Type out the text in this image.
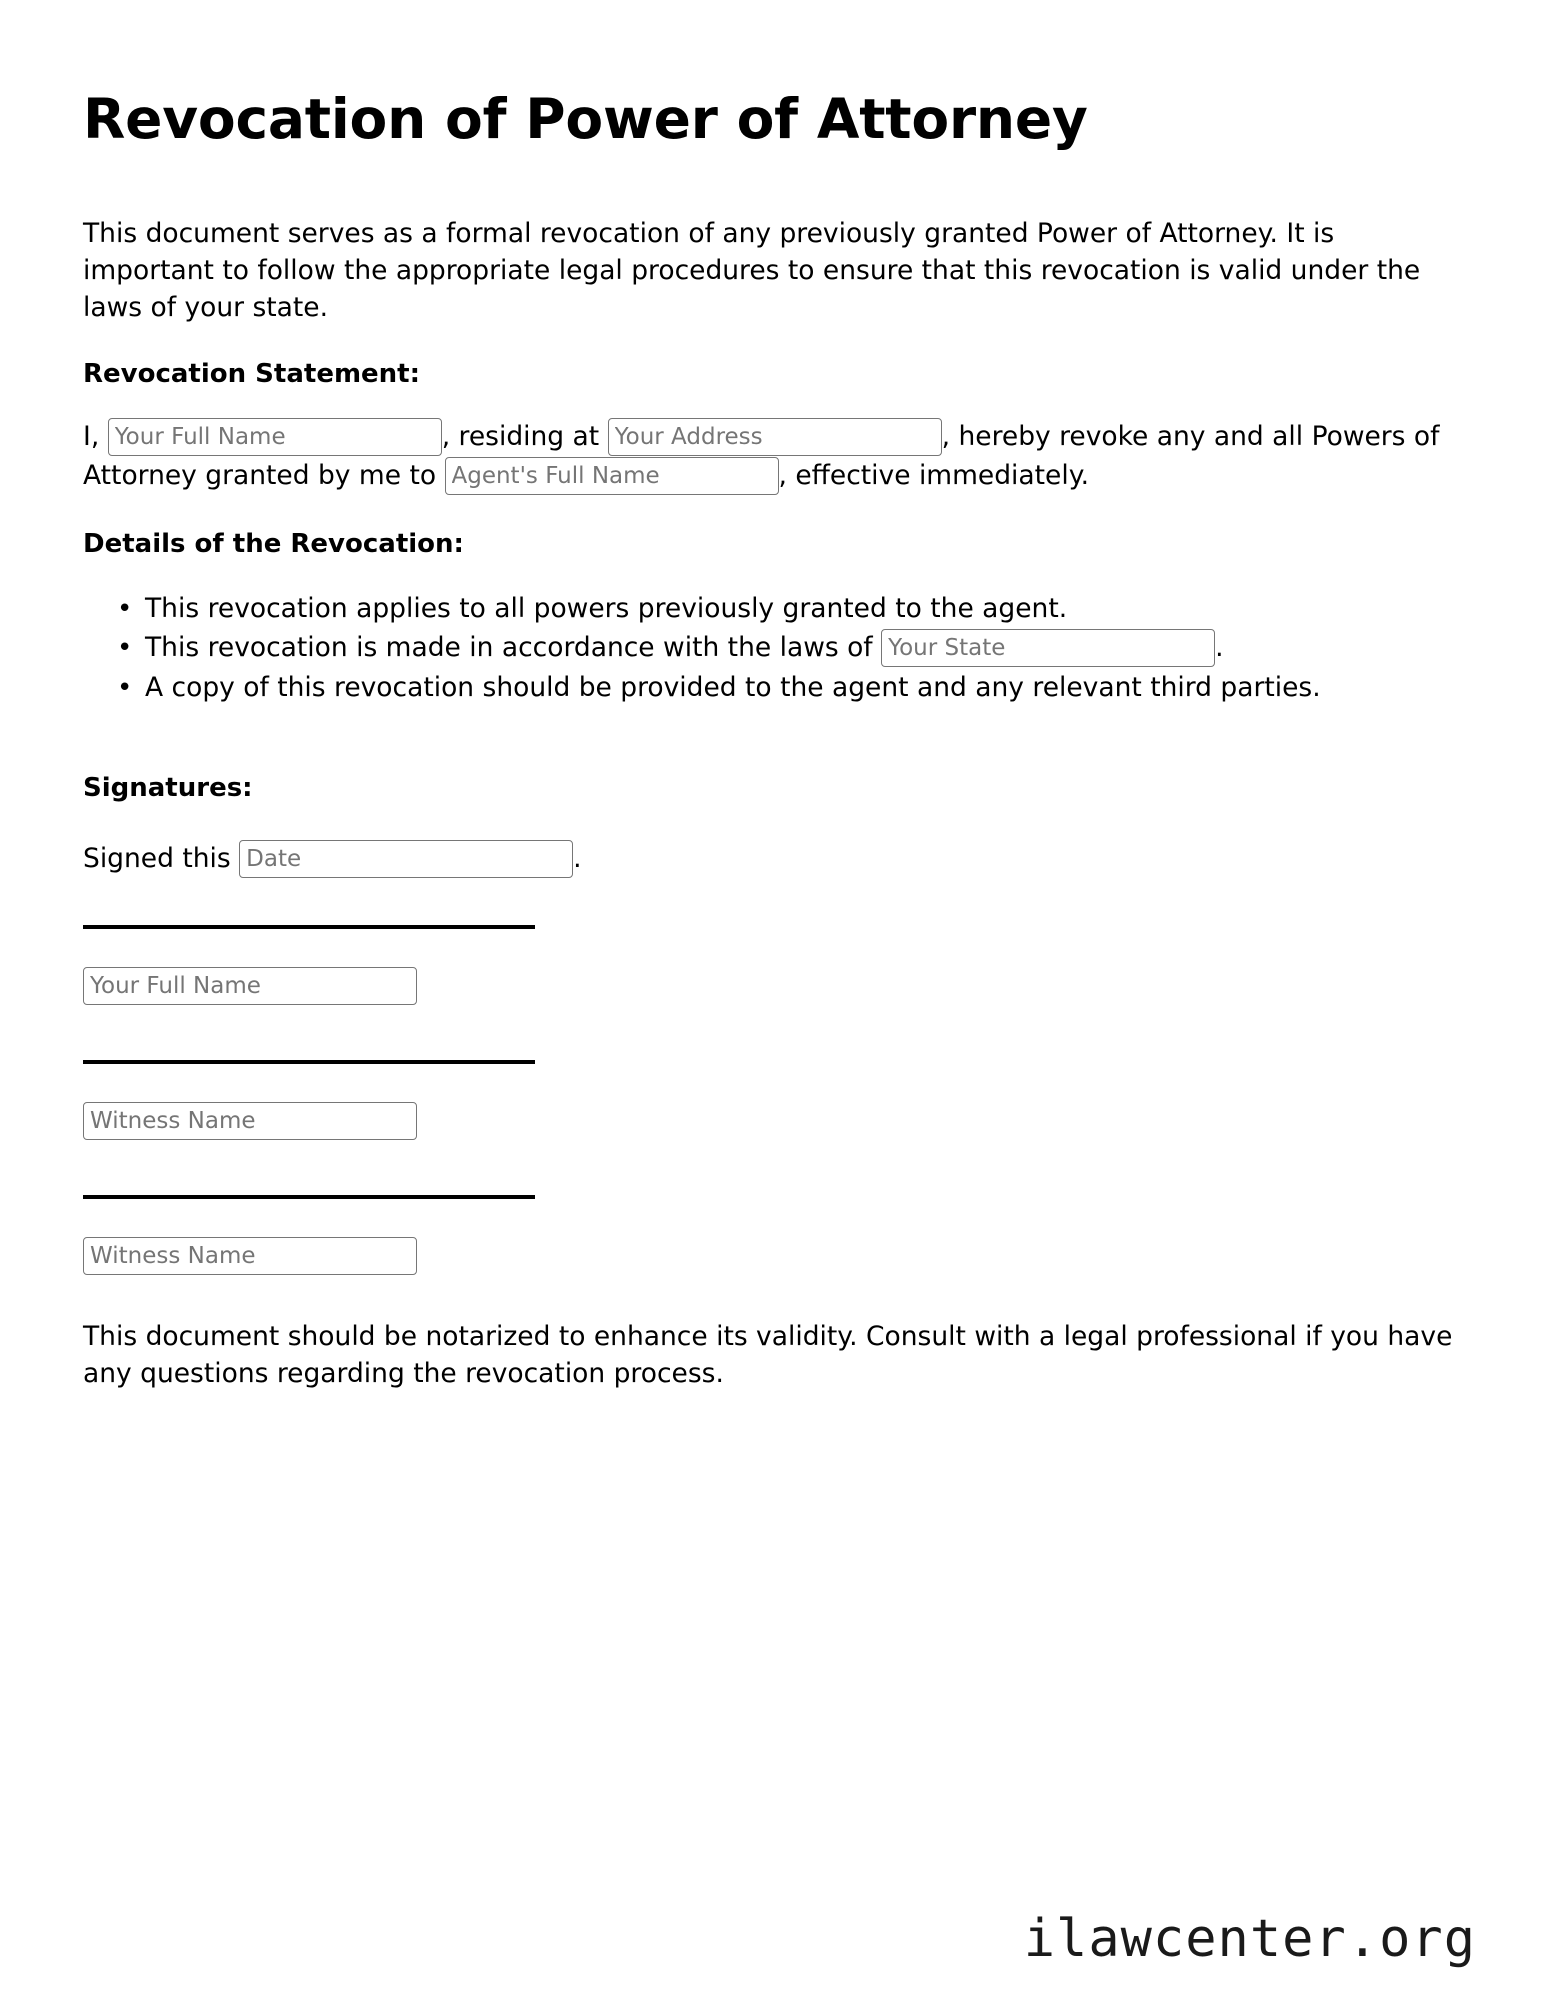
Revocation of Power of Attorney

This document serves as a formal revocation of any previously granted Power of Attorney. It is important to follow the appropriate legal procedures to ensure that this revocation is valid under the laws of your state.

Revocation Statement:
I, Your Full Name	, residing at Your Address	, hereby revoke any and all Powers of Attorney granted by me to Agent's Full Name	, effective immediately.
Details of the Revocation:
• This revocation applies to all powers previously granted to the agent.
• This revocation is made in accordance with the laws of Your State	.
• A copy of this revocation should be provided to the agent and any relevant third parties.
Signatures:
Signed this Date	.
Your Full Name
Witness Name
Witness Name

This document should be notarized to enhance its validity. Consult with a legal professional if you have any questions regarding the revocation process.

ilawcenter.org
